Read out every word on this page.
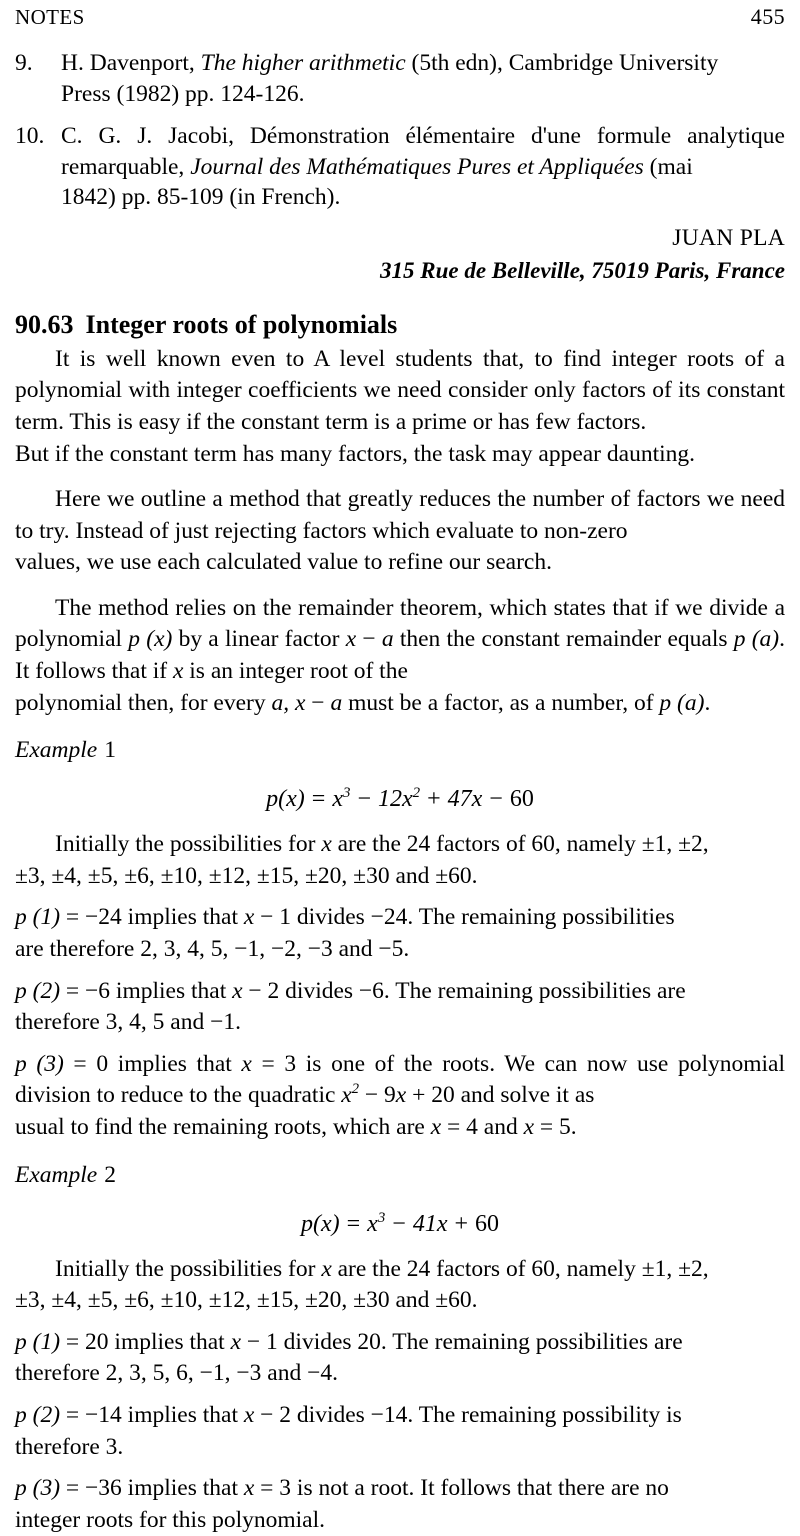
NOTES	455
9.	H. Davenport, The higher arithmetic (5th edn), Cambridge University
Press (1982) pp. 124-126.
10. C. G. J. Jacobi, Démonstration élémentaire d'une formule analytique remarquable, Journal des Mathématiques Pures et Appliquées (mai
1842) pp. 85-109 (in French).
JUAN PLA
315 Rue de Belleville, 75019 Paris, France
90.63 Integer roots of polynomials

It is well known even to A level students that, to find integer roots of a polynomial with integer coefficients we need consider only factors of its constant term. This is easy if the constant term is a prime or has few factors.
But if the constant term has many factors, the task may appear daunting.

Here we outline a method that greatly reduces the number of factors we need to try. Instead of just rejecting factors which evaluate to non-zero
values, we use each calculated value to refine our search.

The method relies on the remainder theorem, which states that if we divide a polynomial p (x) by a linear factor x − a then the constant remainder equals p (a). It follows that if x is an integer root of the
polynomial then, for every a, x − a must be a factor, as a number, of p (a).

Example 1
$p(x) = x^3 - 12x^2 + 47x - 60$

Initially the possibilities for x are the 24 factors of 60, namely ±1, ±2,
±3, ±4, ±5, ±6, ±10, ±12, ±15, ±20, ±30 and ±60.

p (1) = −24 implies that x − 1 divides −24. The remaining possibilities
are therefore 2, 3, 4, 5, −1, −2, −3 and −5.

p (2) = −6 implies that x − 2 divides −6. The remaining possibilities are
therefore 3, 4, 5 and −1.

p (3) = 0 implies that x = 3 is one of the roots. We can now use polynomial division to reduce to the quadratic $x^2 - 9x + 20$ and solve it as
usual to find the remaining roots, which are x = 4 and x = 5.

Example 2
$p(x) = x^3 - 41x + 60$

Initially the possibilities for x are the 24 factors of 60, namely ±1, ±2,
±3, ±4, ±5, ±6, ±10, ±12, ±15, ±20, ±30 and ±60.

p (1) = 20 implies that x − 1 divides 20. The remaining possibilities are
therefore 2, 3, 5, 6, −1, −3 and −4.

p (2) = −14 implies that x − 2 divides −14. The remaining possibility is
therefore 3.

p (3) = −36 implies that x = 3 is not a root. It follows that there are no
integer roots for this polynomial.
